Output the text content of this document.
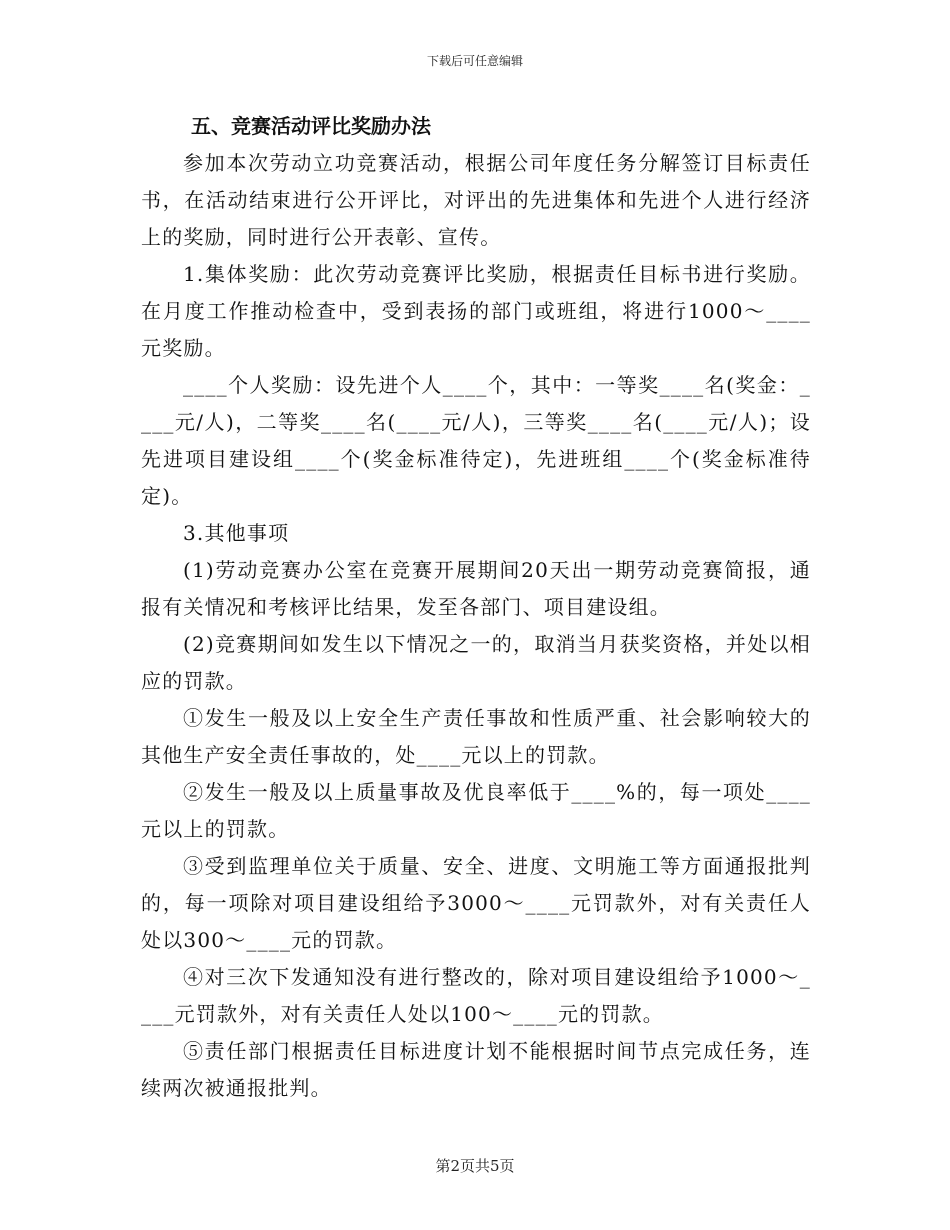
下载后可任意编辑
五、竞赛活动评比奖励办法

参加本次劳动立功竞赛活动，根据公司年度任务分解签订目标责任书，在活动结束进行公开评比，对评出的先进集体和先进个人进行经济上的奖励，同时进行公开表彰、宣传。

1.集体奖励：此次劳动竞赛评比奖励，根据责任目标书进行奖励。在月度工作推动检查中，受到表扬的部门或班组，将进行1000～____元奖励。

____个人奖励：设先进个人____个，其中：一等奖____名(奖金：____元/人)，二等奖____名(____元/人)，三等奖____名(____元/人)；设先进项目建设组____个(奖金标准待定)，先进班组____个(奖金标准待定)。

3.其他事项

(1)劳动竞赛办公室在竞赛开展期间20天出一期劳动竞赛简报，通报有关情况和考核评比结果，发至各部门、项目建设组。

(2)竞赛期间如发生以下情况之一的，取消当月获奖资格，并处以相应的罚款。

①发生一般及以上安全生产责任事故和性质严重、社会影响较大的其他生产安全责任事故的，处____元以上的罚款。

②发生一般及以上质量事故及优良率低于____%的，每一项处____元以上的罚款。

③受到监理单位关于质量、安全、进度、文明施工等方面通报批判的，每一项除对项目建设组给予3000～____元罚款外，对有关责任人处以300～____元的罚款。

④对三次下发通知没有进行整改的，除对项目建设组给予1000～____元罚款外，对有关责任人处以100～____元的罚款。

⑤责任部门根据责任目标进度计划不能根据时间节点完成任务，连续两次被通报批判。

第2页共5页
